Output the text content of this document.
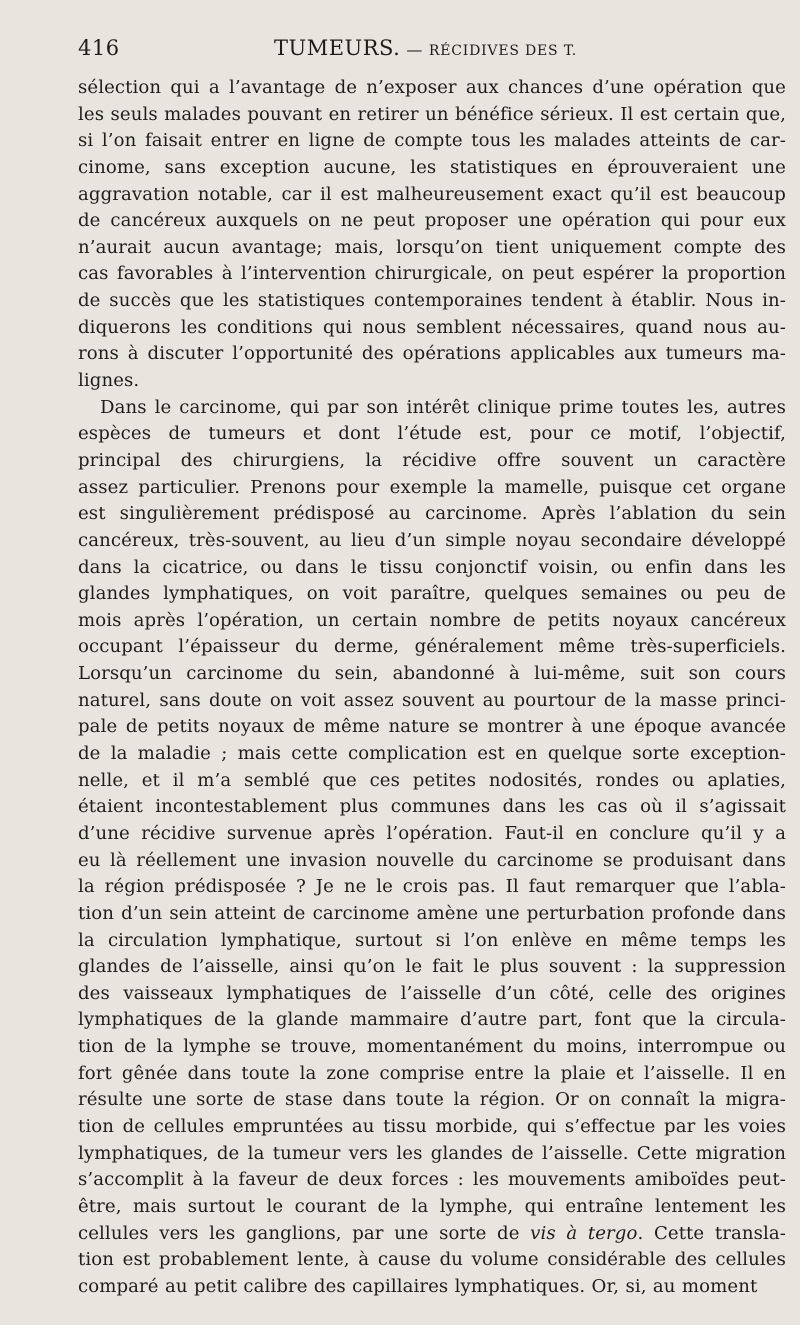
416	TUMEURS. — RÉCIDIVES DES T.
sélection qui a l’avantage de n’exposer aux chances d’une opération que
les seuls malades pouvant en retirer un bénéfice sérieux. Il est certain que,
si l’on faisait entrer en ligne de compte tous les malades atteints de car-
cinome, sans exception aucune, les statistiques en éprouveraient une
aggravation notable, car il est malheureusement exact qu’il est beaucoup
de cancéreux auxquels on ne peut proposer une opération qui pour eux
n’aurait aucun avantage; mais, lorsqu’on tient uniquement compte des
cas favorables à l’intervention chirurgicale, on peut espérer la proportion
de succès que les statistiques contemporaines tendent à établir. Nous in-
diquerons les conditions qui nous semblent nécessaires, quand nous au-
rons à discuter l’opportunité des opérations applicables aux tumeurs ma-
lignes.
Dans le carcinome, qui par son intérêt clinique prime toutes les, autres
espèces de tumeurs et dont l’étude est, pour ce motif, l’objectif,
principal des chirurgiens, la récidive offre souvent un caractère
assez particulier. Prenons pour exemple la mamelle, puisque cet organe
est singulièrement prédisposé au carcinome. Après l’ablation du sein
cancéreux, très-souvent, au lieu d’un simple noyau secondaire développé
dans la cicatrice, ou dans le tissu conjonctif voisin, ou enfin dans les
glandes lymphatiques, on voit paraître, quelques semaines ou peu de
mois après l’opération, un certain nombre de petits noyaux cancéreux
occupant l’épaisseur du derme, généralement même très-superficiels.
Lorsqu’un carcinome du sein, abandonné à lui-même, suit son cours
naturel, sans doute on voit assez souvent au pourtour de la masse princi-
pale de petits noyaux de même nature se montrer à une époque avancée
de la maladie ; mais cette complication est en quelque sorte exception-
nelle, et il m’a semblé que ces petites nodosités, rondes ou aplaties,
étaient incontestablement plus communes dans les cas où il s’agissait
d’une récidive survenue après l’opération. Faut-il en conclure qu’il y a
eu là réellement une invasion nouvelle du carcinome se produisant dans
la région prédisposée ? Je ne le crois pas. Il faut remarquer que l’abla-
tion d’un sein atteint de carcinome amène une perturbation profonde dans
la circulation lymphatique, surtout si l’on enlève en même temps les
glandes de l’aisselle, ainsi qu’on le fait le plus souvent : la suppression
des vaisseaux lymphatiques de l’aisselle d’un côté, celle des origines
lymphatiques de la glande mammaire d’autre part, font que la circula-
tion de la lymphe se trouve, momentanément du moins, interrompue ou
fort gênée dans toute la zone comprise entre la plaie et l’aisselle. Il en
résulte une sorte de stase dans toute la région. Or on connaît la migra-
tion de cellules empruntées au tissu morbide, qui s’effectue par les voies
lymphatiques, de la tumeur vers les glandes de l’aisselle. Cette migration
s’accomplit à la faveur de deux forces : les mouvements amiboïdes peut-
être, mais surtout le courant de la lymphe, qui entraîne lentement les
cellules vers les ganglions, par une sorte de vis à tergo. Cette transla-
tion est probablement lente, à cause du volume considérable des cellules
comparé au petit calibre des capillaires lymphatiques. Or, si, au moment
